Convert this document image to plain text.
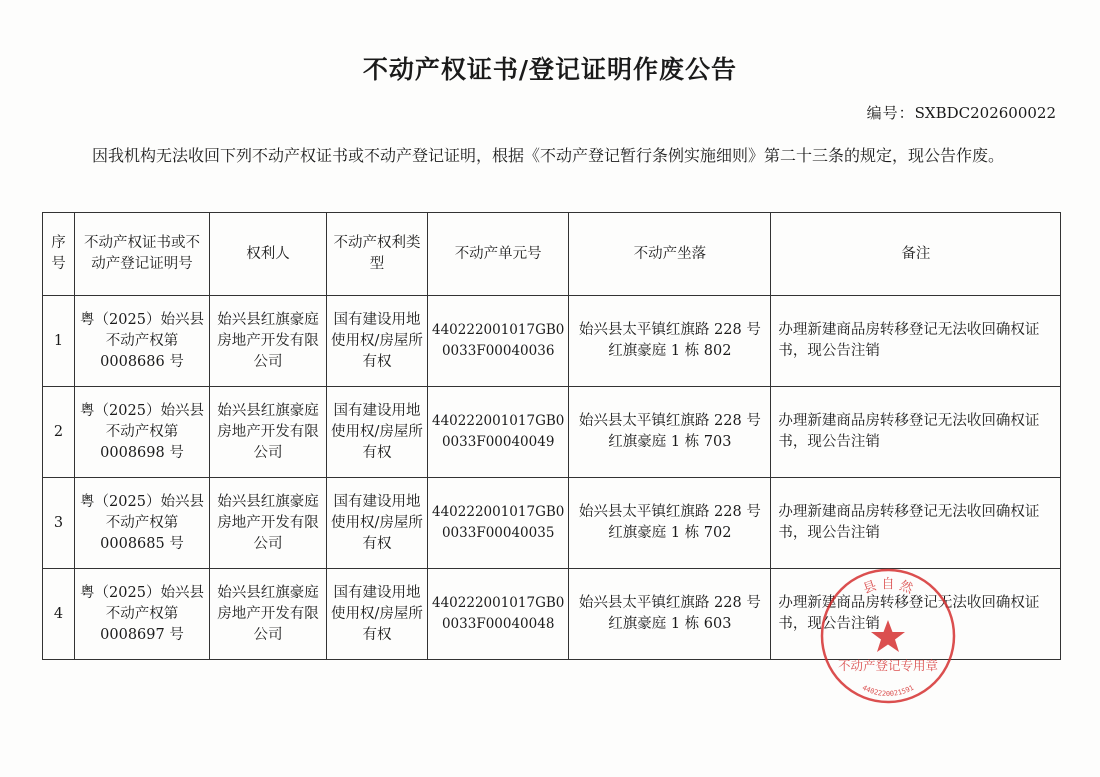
不动产权证书/登记证明作废公告
编号：SXBDC202600022
因我机构无法收回下列不动产权证书或不动产登记证明，根据《不动产登记暂行条例实施细则》第二十三条的规定，现公告作废。
序号	不动产权证书或不动产登记证明号	权利人	不动产权利类型	不动产单元号	不动产坐落	备注
1	粤（2025）始兴县
不动产权第
0008686 号	始兴县红旗豪庭房地产开发有限公司	国有建设用地使用权/房屋所有权	440222001017GB0
0033F00040036	始兴县太平镇红旗路 228 号
红旗豪庭 1 栋 802	办理新建商品房转移登记无法收回确权证书，现公告注销
2	粤（2025）始兴县
不动产权第
0008698 号	始兴县红旗豪庭房地产开发有限公司	国有建设用地使用权/房屋所有权	440222001017GB0
0033F00040049	始兴县太平镇红旗路 228 号
红旗豪庭 1 栋 703	办理新建商品房转移登记无法收回确权证书，现公告注销
3	粤（2025）始兴县
不动产权第
0008685 号	始兴县红旗豪庭房地产开发有限公司	国有建设用地使用权/房屋所有权	440222001017GB0
0033F00040035	始兴县太平镇红旗路 228 号
红旗豪庭 1 栋 702	办理新建商品房转移登记无法收回确权证书，现公告注销
4	粤（2025）始兴县
不动产权第
0008697 号	始兴县红旗豪庭房地产开发有限公司	国有建设用地使用权/房屋所有权	440222001017GB0
0033F00040048	始兴县太平镇红旗路 228 号
红旗豪庭 1 栋 603	办理新建商品房转移登记无法收回确权证书，现公告注销
县 自 然
不动产登记专用章
4402220021591
